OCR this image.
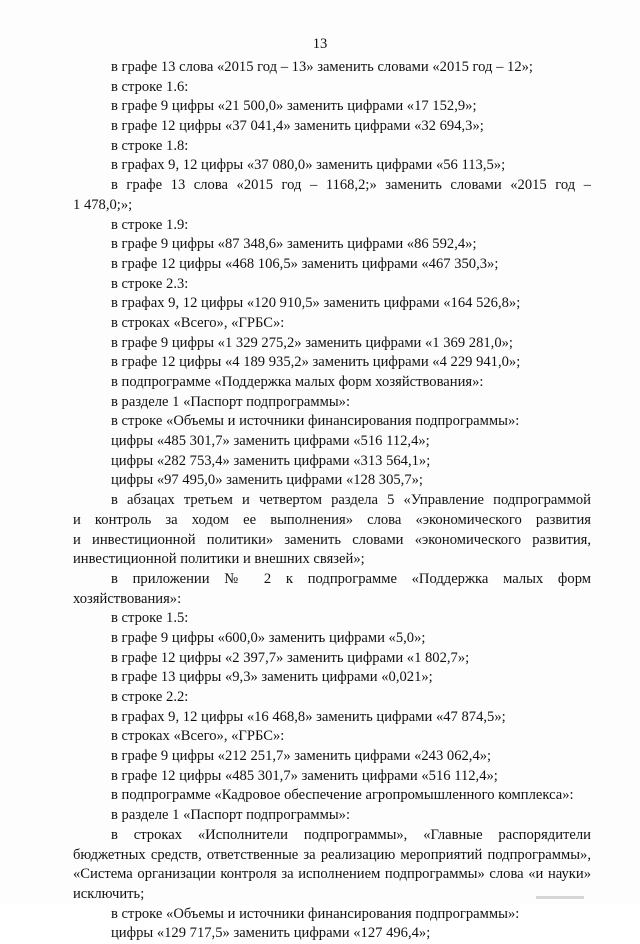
13
в графе 13 слова «2015 год – 13» заменить словами «2015 год – 12»;
в строке 1.6:
в графе 9 цифры «21 500,0» заменить цифрами «17 152,9»;
в графе 12 цифры «37 041,4» заменить цифрами «32 694,3»;
в строке 1.8:
в графах 9, 12 цифры «37 080,0» заменить цифрами «56 113,5»;
в графе 13 слова «2015 год – 1168,2;» заменить словами «2015 год –
1 478,0;»;
в строке 1.9:
в графе 9 цифры «87 348,6» заменить цифрами «86 592,4»;
в графе 12 цифры «468 106,5» заменить цифрами «467 350,3»;
в строке 2.3:
в графах 9, 12 цифры «120 910,5» заменить цифрами «164 526,8»;
в строках «Всего», «ГРБС»:
в графе 9 цифры «1 329 275,2» заменить цифрами «1 369 281,0»;
в графе 12 цифры «4 189 935,2» заменить цифрами «4 229 941,0»;
в подпрограмме «Поддержка малых форм хозяйствования»:
в разделе 1 «Паспорт подпрограммы»:
в строке «Объемы и источники финансирования подпрограммы»:
цифры «485 301,7» заменить цифрами «516 112,4»;
цифры «282 753,4» заменить цифрами «313 564,1»;
цифры «97 495,0» заменить цифрами «128 305,7»;
в абзацах третьем и четвертом раздела 5 «Управление подпрограммой
и контроль за ходом ее выполнения» слова «экономического развития
и инвестиционной политики» заменить словами «экономического развития,
инвестиционной политики и внешних связей»;
в приложении № 2 к подпрограмме «Поддержка малых форм
хозяйствования»:
в строке 1.5:
в графе 9 цифры «600,0» заменить цифрами «5,0»;
в графе 12 цифры «2 397,7» заменить цифрами «1 802,7»;
в графе 13 цифры «9,3» заменить цифрами «0,021»;
в строке 2.2:
в графах 9, 12 цифры «16 468,8» заменить цифрами «47 874,5»;
в строках «Всего», «ГРБС»:
в графе 9 цифры «212 251,7» заменить цифрами «243 062,4»;
в графе 12 цифры «485 301,7» заменить цифрами «516 112,4»;
в подпрограмме «Кадровое обеспечение агропромышленного комплекса»:
в разделе 1 «Паспорт подпрограммы»:
в строках «Исполнители подпрограммы», «Главные распорядители
бюджетных средств, ответственные за реализацию мероприятий подпрограммы»,
«Система организации контроля за исполнением подпрограммы» слова «и науки»
исключить;
в строке «Объемы и источники финансирования подпрограммы»:
цифры «129 717,5» заменить цифрами «127 496,4»;
